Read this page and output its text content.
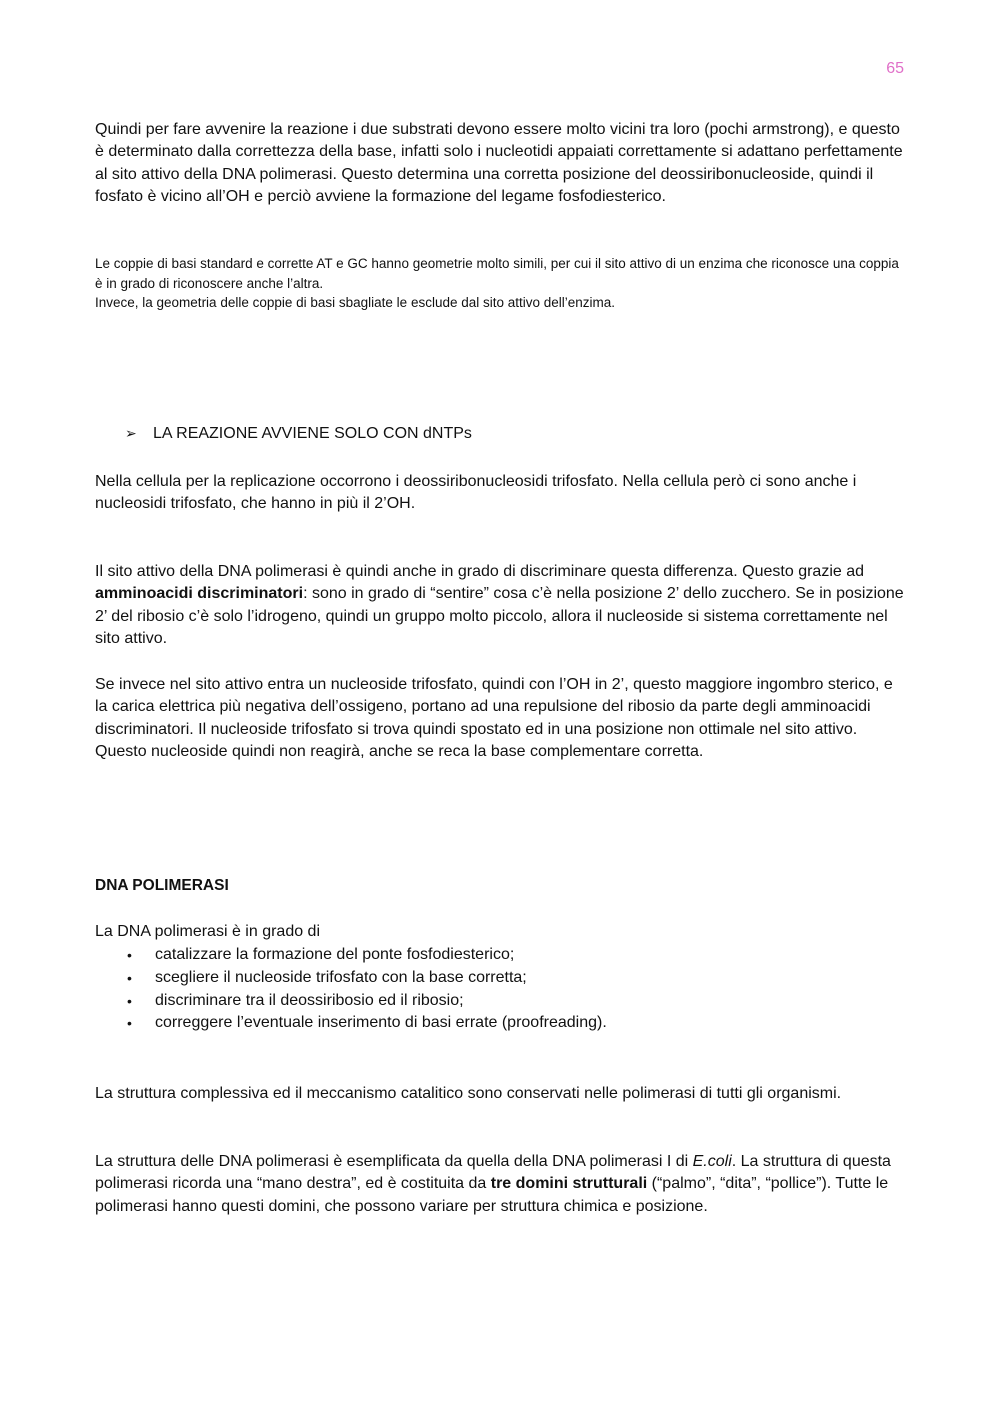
65
Quindi per fare avvenire la reazione i due substrati devono essere molto vicini tra loro (pochi armstrong), e questo è determinato dalla correttezza della base, infatti solo i nucleotidi appaiati correttamente si adattano perfettamente al sito attivo della DNA polimerasi. Questo determina una corretta posizione del deossiribonucleoside, quindi il fosfato è vicino all’OH e perciò avviene la formazione del legame fosfodiesterico.
Le coppie di basi standard e corrette AT e GC hanno geometrie molto simili, per cui il sito attivo di un enzima che riconosce una coppia è in grado di riconoscere anche l’altra.
Invece, la geometria delle coppie di basi sbagliate le esclude dal sito attivo dell’enzima.
➢ LA REAZIONE AVVIENE SOLO CON dNTPs
Nella cellula per la replicazione occorrono i deossiribonucleosidi trifosfato. Nella cellula però ci sono anche i nucleosidi trifosfato, che hanno in più il 2’OH.
Il sito attivo della DNA polimerasi è quindi anche in grado di discriminare questa differenza. Questo grazie ad amminoacidi discriminatori: sono in grado di “sentire” cosa c’è nella posizione 2’ dello zucchero. Se in posizione 2’ del ribosio c’è solo l’idrogeno, quindi un gruppo molto piccolo, allora il nucleoside si sistema correttamente nel sito attivo.
Se invece nel sito attivo entra un nucleoside trifosfato, quindi con l’OH in 2’, questo maggiore ingombro sterico, e la carica elettrica più negativa dell’ossigeno, portano ad una repulsione del ribosio da parte degli amminoacidi discriminatori. Il nucleoside trifosfato si trova quindi spostato ed in una posizione non ottimale nel sito attivo. Questo nucleoside quindi non reagirà, anche se reca la base complementare corretta.
DNA POLIMERASI
La DNA polimerasi è in grado di
• catalizzare la formazione del ponte fosfodiesterico;
• scegliere il nucleoside trifosfato con la base corretta;
• discriminare tra il deossiribosio ed il ribosio;
• correggere l’eventuale inserimento di basi errate (proofreading).
La struttura complessiva ed il meccanismo catalitico sono conservati nelle polimerasi di tutti gli organismi.
La struttura delle DNA polimerasi è esemplificata da quella della DNA polimerasi I di E.coli. La struttura di questa polimerasi ricorda una “mano destra”, ed è costituita da tre domini strutturali (“palmo”, “dita”, “pollice”). Tutte le polimerasi hanno questi domini, che possono variare per struttura chimica e posizione.
